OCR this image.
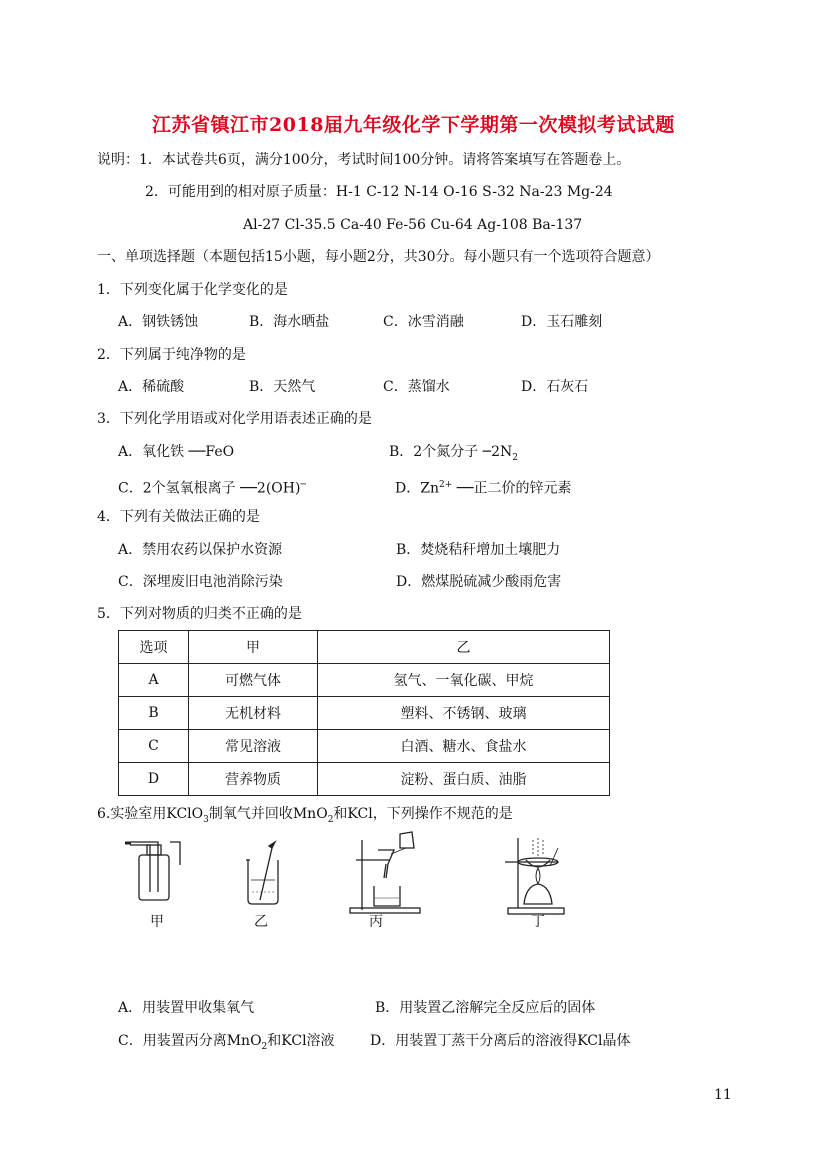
江苏省镇江市2018届九年级化学下学期第一次模拟考试试题
说明：1．本试卷共6页，满分100分，考试时间100分钟。请将答案填写在答题卷上。
2．可能用到的相对原子质量：H-1 C-12 N-14 O-16 S-32 Na-23 Mg-24
Al-27 Cl-35.5 Ca-40 Fe-56 Cu-64 Ag-108 Ba-137
一、单项选择题（本题包括15小题，每小题2分，共30分。每小题只有一个选项符合题意）
1．下列变化属于化学变化的是
A．钢铁锈蚀	B．海水晒盐	C．冰雪消融	D．玉石雕刻
2．下列属于纯净物的是
A．稀硫酸	B．天然气	C．蒸馏水	D．石灰石
3．下列化学用语或对化学用语表述正确的是
A．氧化铁 ──FeO	B．2个氮分子 $─2N_2$
C．2个氢氧根离子 ──2(OH)─	D．$Zn^{2+}$ ──正二价的锌元素
4．下列有关做法正确的是
A．禁用农药以保护水资源	B．焚烧秸秆增加土壤肥力
C．深埋废旧电池消除污染	D．燃煤脱硫减少酸雨危害
5．下列对物质的归类不正确的是
选项	甲	乙
A	可燃气体	氢气、一氧化碳、甲烷
B	无机材料	塑料、不锈钢、玻璃
C	常见溶液	白酒、糖水、食盐水
D	营养物质	淀粉、蛋白质、油脂
6.实验室用KClO$_3$制氧气并回收MnO$_2$和KCl，下列操作不规范的是
甲	乙	丙	丁
A．用装置甲收集氧气	B．用装置乙溶解完全反应后的固体
C．用装置丙分离MnO$_2$和KCl溶液	D．用装置丁蒸干分离后的溶液得KCl晶体
11
